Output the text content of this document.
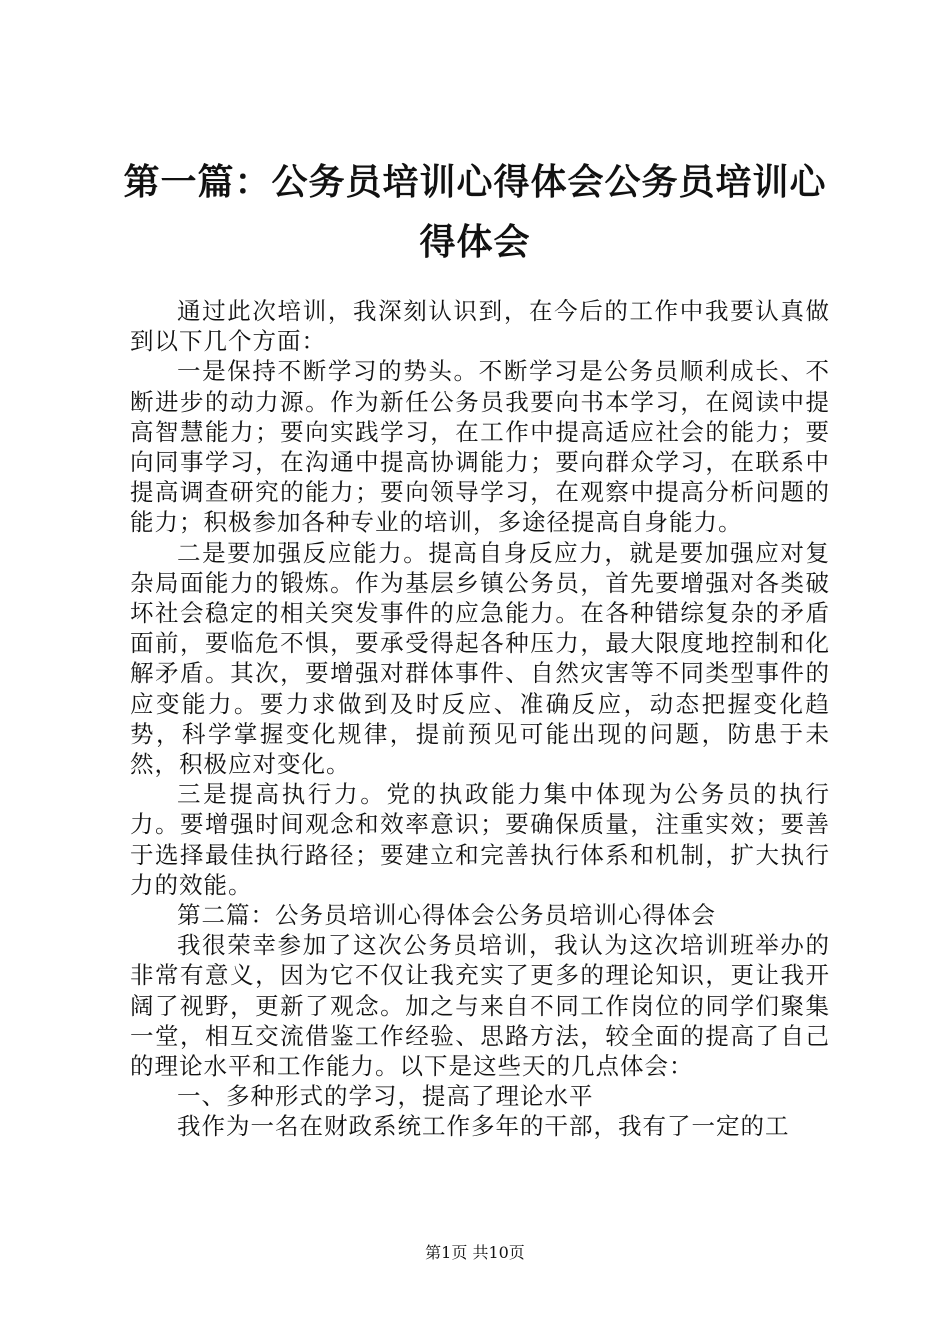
第一篇：公务员培训心得体会公务员培训心得体会

通过此次培训，我深刻认识到，在今后的工作中我要认真做到以下几个方面：

一是保持不断学习的势头。不断学习是公务员顺利成长、不断进步的动力源。作为新任公务员我要向书本学习，在阅读中提高智慧能力；要向实践学习，在工作中提高适应社会的能力；要向同事学习，在沟通中提高协调能力；要向群众学习，在联系中提高调查研究的能力；要向领导学习，在观察中提高分析问题的能力；积极参加各种专业的培训，多途径提高自身能力。

二是要加强反应能力。提高自身反应力，就是要加强应对复杂局面能力的锻炼。作为基层乡镇公务员，首先要增强对各类破坏社会稳定的相关突发事件的应急能力。在各种错综复杂的矛盾面前，要临危不惧，要承受得起各种压力，最大限度地控制和化解矛盾。其次，要增强对群体事件、自然灾害等不同类型事件的应变能力。要力求做到及时反应、准确反应，动态把握变化趋势，科学掌握变化规律，提前预见可能出现的问题，防患于未然，积极应对变化。

三是提高执行力。党的执政能力集中体现为公务员的执行力。要增强时间观念和效率意识；要确保质量，注重实效；要善于选择最佳执行路径；要建立和完善执行体系和机制，扩大执行力的效能。

第二篇：公务员培训心得体会公务员培训心得体会

我很荣幸参加了这次公务员培训，我认为这次培训班举办的非常有意义，因为它不仅让我充实了更多的理论知识，更让我开阔了视野，更新了观念。加之与来自不同工作岗位的同学们聚集一堂，相互交流借鉴工作经验、思路方法，较全面的提高了自己的理论水平和工作能力。以下是这些天的几点体会：

一、多种形式的学习，提高了理论水平

我作为一名在财政系统工作多年的干部，我有了一定的工

第1页 共10页
